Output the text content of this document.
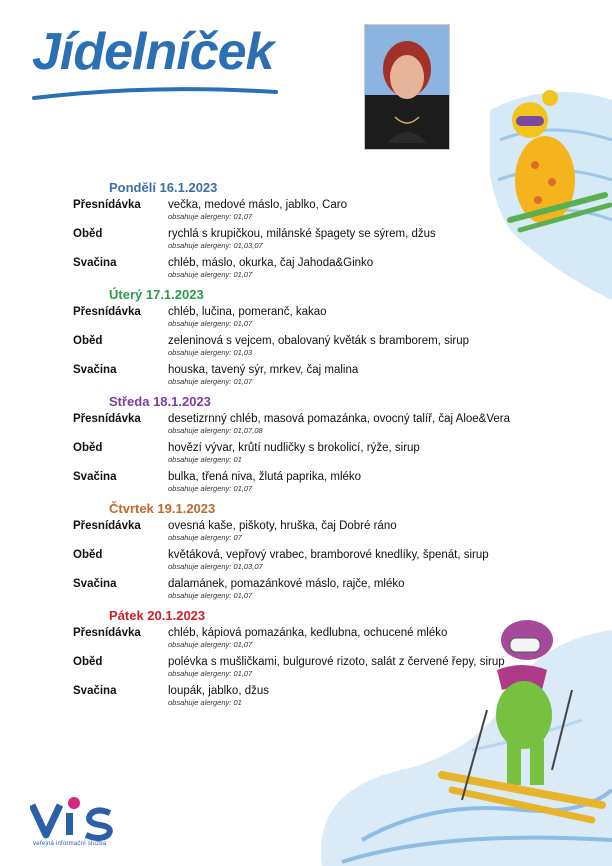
Jídelníček
Pondělí 16.1.2023
Přesnídávka večka, medové máslo, jablko, Caro
obsahuje alergeny: 01,07
Oběd	rychlá s krupičkou, milánské špagety se sýrem, džus
obsahuje alergeny: 01,03,07
Svačina	chléb, máslo, okurka, čaj Jahoda&Ginko
obsahuje alergeny: 01,07
Úterý 17.1.2023
Přesnídávka chléb, lučina, pomeranč, kakao
obsahuje alergeny: 01,07
Oběd	zeleninová s vejcem, obalovaný květák s bramborem, sirup
obsahuje alergeny: 01,03
Svačina	houska, tavený sýr, mrkev, čaj malina
obsahuje alergeny: 01,07
Středa 18.1.2023
Přesnídávka desetizrnný chléb, masová pomazánka, ovocný talíř, čaj Aloe&Vera
obsahuje alergeny: 01,07,08
Oběd	hovězí vývar, krůtí nudličky s brokolicí, rýže, sirup
obsahuje alergeny: 01
Svačina	bulka, třená niva, žlutá paprika, mléko
obsahuje alergeny: 01,07
Čtvrtek 19.1.2023
Přesnídávka ovesná kaše, piškoty, hruška, čaj Dobré ráno
obsahuje alergeny: 07
Oběd	květáková, vepřový vrabec, bramborové knedlíky, špenát, sirup
obsahuje alergeny: 01,03,07
Svačina	dalamánek, pomazánkové máslo, rajče, mléko
obsahuje alergeny: 01,07
Pátek 20.1.2023
Přesnídávka chléb, kápiová pomazánka, kedlubna, ochucené mléko
obsahuje alergeny: 01,07
Oběd	polévka s mušličkami, bulgurové rizoto, salát z červené řepy, sirup
obsahuje alergeny: 01,07
Svačina	loupák, jablko, džus
obsahuje alergeny: 01
veřejná informační služba
